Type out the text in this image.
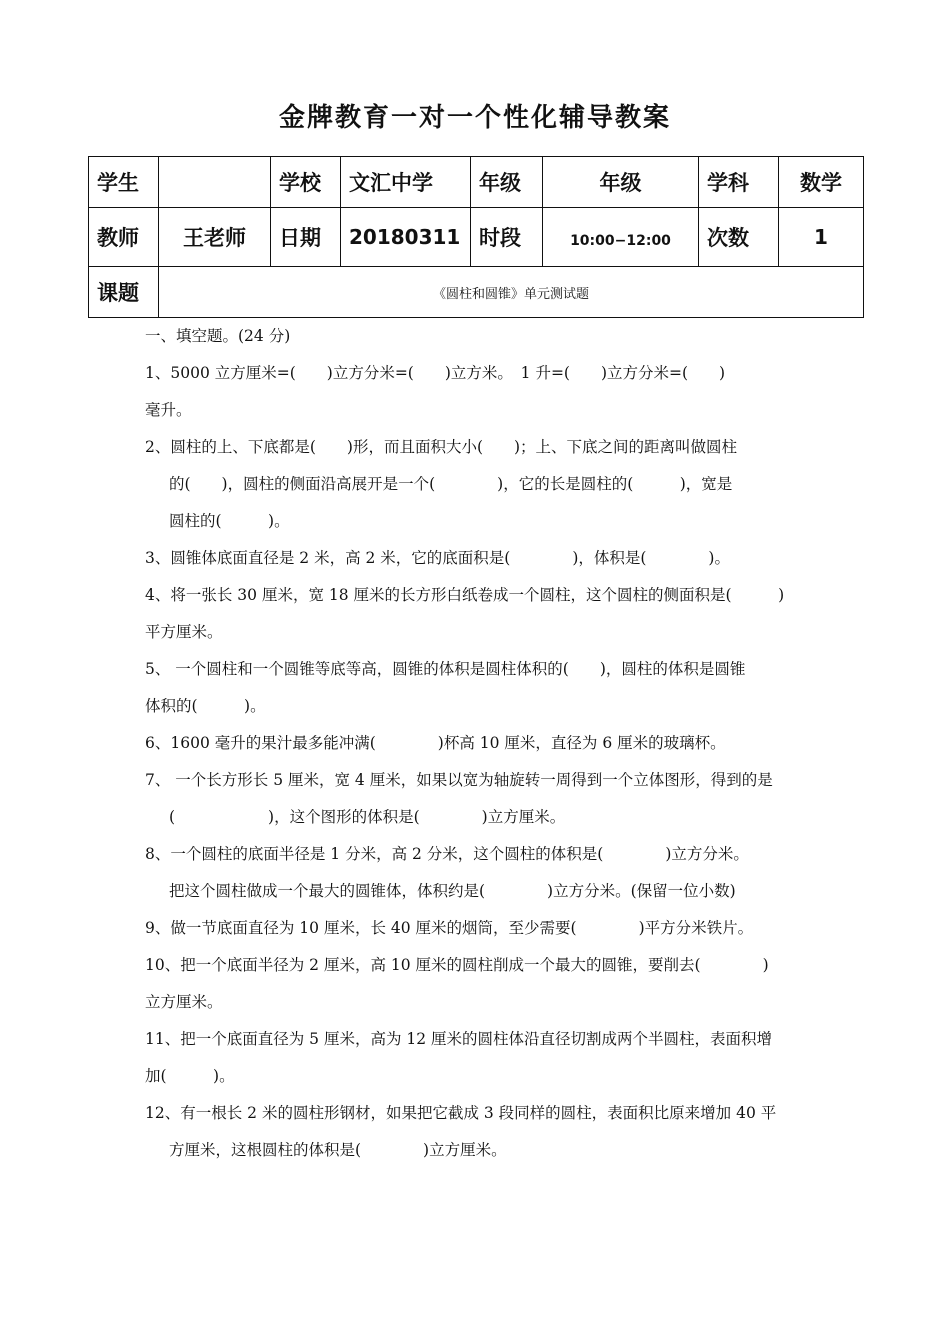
金牌教育一对一个性化辅导教案
学生		学校	文汇中学	年级	年级	学科	数学
教师	王老师	日期	20180311	时段	10:00−12:00	次数	1
课题	《圆柱和圆锥》单元测试题						

一、填空题。(24 分)

1、5000 立方厘米=(　　)立方分米=(　　)立方米。　1 升=(　　)立方分米=(　　)

毫升。

2、圆柱的上、下底都是(　　)形，而且面积大小(　　)；上、下底之间的距离叫做圆柱

的(　　)，圆柱的侧面沿高展开是一个(　　　　)，它的长是圆柱的(　　　)，宽是

圆柱的(　　　)。

3、圆锥体底面直径是 2 米，高 2 米，它的底面积是(　　　　)，体积是(　　　　)。

4、将一张长 30 厘米，宽 18 厘米的长方形白纸卷成一个圆柱，这个圆柱的侧面积是(　　　)

平方厘米。

5、 一个圆柱和一个圆锥等底等高，圆锥的体积是圆柱体积的(　　)，圆柱的体积是圆锥

体积的(　　　)。

6、1600 毫升的果汁最多能冲满(　　　　)杯高 10 厘米，直径为 6 厘米的玻璃杯。

7、 一个长方形长 5 厘米，宽 4 厘米，如果以宽为轴旋转一周得到一个立体图形，得到的是

(　　　　　　)，这个图形的体积是(　　　　)立方厘米。

8、一个圆柱的底面半径是 1 分米，高 2 分米，这个圆柱的体积是(　　　　)立方分米。

把这个圆柱做成一个最大的圆锥体，体积约是(　　　　)立方分米。(保留一位小数)

9、做一节底面直径为 10 厘米，长 40 厘米的烟筒，至少需要(　　　　)平方分米铁片。

10、把一个底面半径为 2 厘米，高 10 厘米的圆柱削成一个最大的圆锥，要削去(　　　　)

立方厘米。

11、把一个底面直径为 5 厘米，高为 12 厘米的圆柱体沿直径切割成两个半圆柱，表面积增

加(　　　)。

12、有一根长 2 米的圆柱形钢材，如果把它截成 3 段同样的圆柱，表面积比原来增加 40 平

方厘米，这根圆柱的体积是(　　　　)立方厘米。
